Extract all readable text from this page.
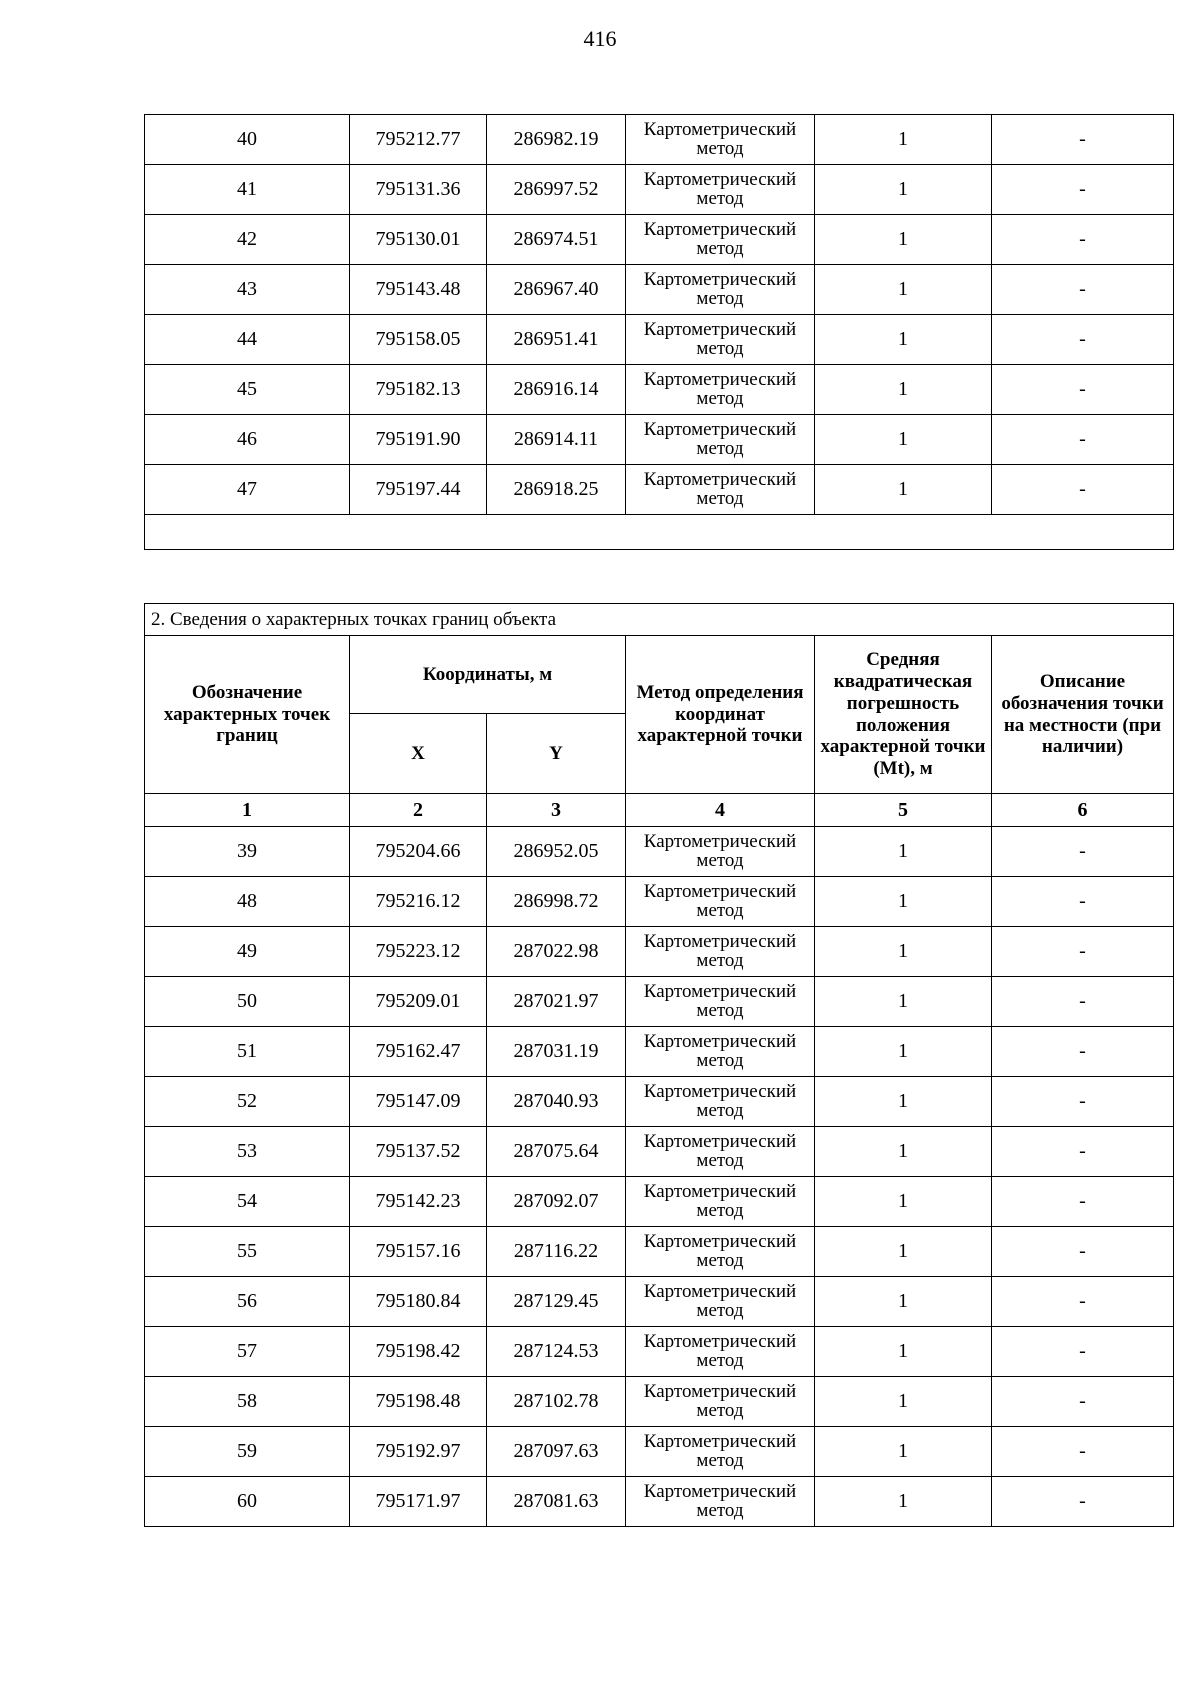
416
40	795212.77	286982.19	Картометрический метод	1	-
41	795131.36	286997.52	Картометрический метод	1	-
42	795130.01	286974.51	Картометрический метод	1	-
43	795143.48	286967.40	Картометрический метод	1	-
44	795158.05	286951.41	Картометрический метод	1	-
45	795182.13	286916.14	Картометрический метод	1	-
46	795191.90	286914.11	Картометрический метод	1	-
47	795197.44	286918.25	Картометрический метод	1	-

2. Сведения о характерных точках границ объекта					
Обозначение характерных точек границ	Координаты, м		Метод определения координат характерной точки	Средняя квадратическая погрешность положения характерной точки (Mt), м	Описание обозначения точки на местности (при наличии)
	X	Y			
1	2	3	4	5	6
39	795204.66	286952.05	Картометрический метод	1	-
48	795216.12	286998.72	Картометрический метод	1	-
49	795223.12	287022.98	Картометрический метод	1	-
50	795209.01	287021.97	Картометрический метод	1	-
51	795162.47	287031.19	Картометрический метод	1	-
52	795147.09	287040.93	Картометрический метод	1	-
53	795137.52	287075.64	Картометрический метод	1	-
54	795142.23	287092.07	Картометрический метод	1	-
55	795157.16	287116.22	Картометрический метод	1	-
56	795180.84	287129.45	Картометрический метод	1	-
57	795198.42	287124.53	Картометрический метод	1	-
58	795198.48	287102.78	Картометрический метод	1	-
59	795192.97	287097.63	Картометрический метод	1	-
60	795171.97	287081.63	Картометрический метод	1	-
